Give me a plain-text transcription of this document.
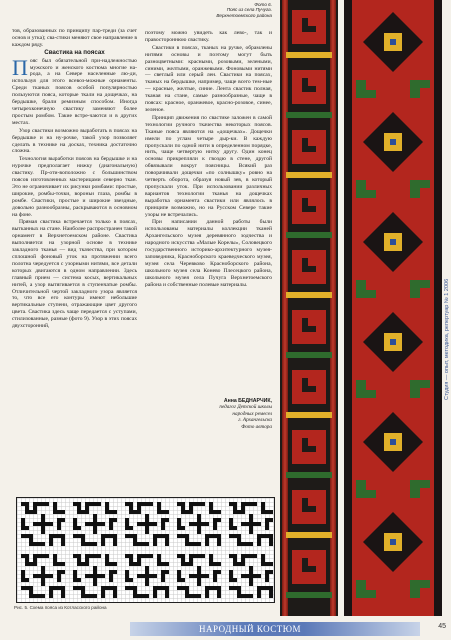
Фото 6.
Пояс из села Пучуга. Верхнетоемского района

тов, образованных по принципу пар-треди (за счет основ и утка); сва-стики меняют свое направление в каждом ряду.

Свастика на поясах

Пояс был обязательной при-надлежностью мужского и женского костюма многие на-рода, а на Севере населенные лю-ди, используя для этого всевоз-можные орнаменты. Среди тканых поясов особой популярностью пользуются пояса, которые ткали на дощечках, на бердышке, брали ремизным способом. Иногда четырехконечную свастику заменяют более простым ромбом. Такие встре-чаются и в других местах.

Узор свастики возможно выработать в поясах на бердышке и на ну-рочке, такой узор позволяет сделать в технике на досках, техника достаточно сложна.

Технология выработки поясов на бердышке и на нурочке предполагает нижку (диагональную) свастику. Пр-оти-воположно с большинством поясов изготовленных мастерицами северно ткан. Это не ограничивает их рисунки ромбами: простые, широкие, ромбы-точки, вороньи глаза, ромбы в ромбе. Свастики, простые и широкие звездные, довольно разнообразны, раскрываются в основном на фоне.

Прямая свастика встречается только в поясах, вытканных на стане. Наиболее распространен такой орнамент в Верхнетоемском районе. Свастика выполняется на узорной основе в технике закладного тканья — вид ткачества, при котором сплошной фоновый уток на протяжении всего полотна чередуется с узорными нитями, все детали которых двигаются в одном направлении. Здесь главный прием — система косых, вертикальных нитей, а узор вытягивается в ступенчатые ромбы. Отличительной чертой закладного узора является то, что все его контуры имеют небольшие вертикальные ступени, отражающие цвет другого цвета. Свастика здесь чаще передается с уступами, стилизованные, разные (фото 9). Узор в этих поясах двухсторонний,

поэтому можно увидеть как лево-, так и правостороннюю свастику.

Свастики в поясах, тканых на ручке, обрамлены нитями основы и поэтому могут быть разноцветными: красными, розовыми, зелеными, синими, желтыми, оранжевыми. Фоновыми нитями — светлый или серый лен. Свастики на поясах, тканых на бердышке, например, чаще всего тем-ные — красные, желтые, синие. Лента свастик полная, тканая на стане, самые разнообразные, чаще в поясах: красное, оранжевое, красно-розовое, синее, зеленое.

Принцип движения по свастике заложен в самой технологии ручного ткачества некоторых поясов. Тканые пояса являются на «дощечках». Дощечки имели по углам четыре дыр-ки. В каждую пропускали по одной нити в определенном порядке, нить, чаще четвертую нитку другу. Один конец основы прикрепляли к гвоздю в стене, другой обвязывали вокруг поясницы. Всякий раз поворачивали дощечки «по солнышку» ровно на четверть оборота, образуя новый зев, в который пропускали уток. При использовании различных вариантов технологии тканья на дощечках выработка орнамента свастики или являлось в принципе возможно, но на Русском Севере такие узоры не встречались.

При написании данной работы были использованы материалы коллекции тканей Архангельского музея деревянного зодчества и народного искусства «Малые Корелы», Соловецкого государственного историко-архитектурного музея-заповедника, Красноборского краеведческого музея, музея села Черевково Красноборского района, школьного музея села Конево Плесецкого района, школьного музея села Пучуга Верхнетоемского района и собственные полевые материалы.

Анна БЕДНАРЧИК,
педагог Детской школы
народных ремесел
г. Архангельска
Фото автора
Рис. 5. Схема пояса из Котласского района
НАРОДНЫЙ КОСТЮМ	45
Студия — опыт, методика, репертуар № 1 2006
